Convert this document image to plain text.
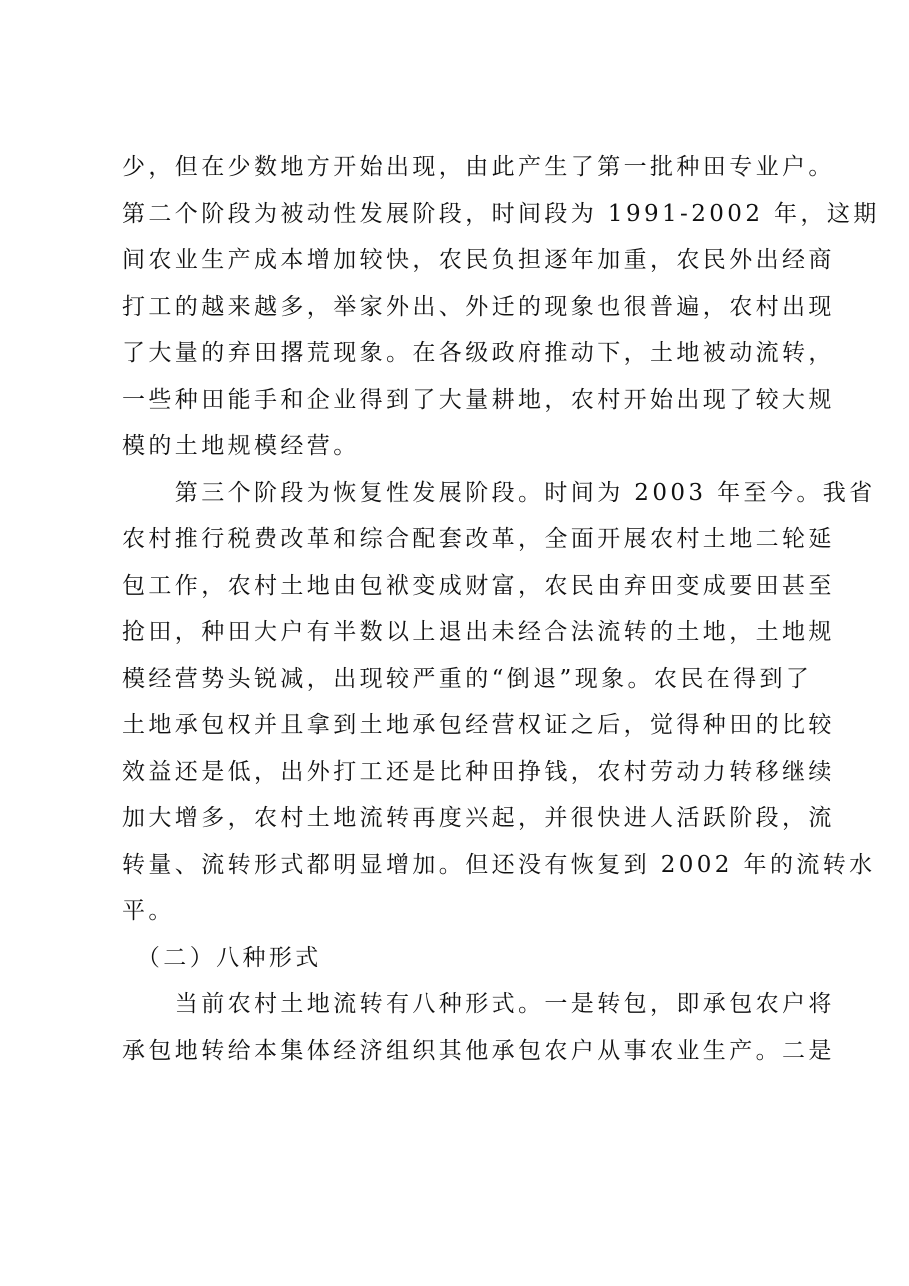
少，但在少数地方开始出现，由此产生了第一批种田专业户。
第二个阶段为被动性发展阶段，时间段为 1991-2002 年，这期
间农业生产成本增加较快，农民负担逐年加重，农民外出经商
打工的越来越多，举家外出、外迁的现象也很普遍，农村出现
了大量的弃田撂荒现象。在各级政府推动下，土地被动流转，
一些种田能手和企业得到了大量耕地，农村开始出现了较大规
模的土地规模经营。
　　第三个阶段为恢复性发展阶段。时间为 2003 年至今。我省
农村推行税费改革和综合配套改革，全面开展农村土地二轮延
包工作，农村土地由包袱变成财富，农民由弃田变成要田甚至
抢田，种田大户有半数以上退出未经合法流转的土地，土地规
模经营势头锐减，出现较严重的“倒退”现象。农民在得到了
土地承包权并且拿到土地承包经营权证之后，觉得种田的比较
效益还是低，出外打工还是比种田挣钱，农村劳动力转移继续
加大增多，农村土地流转再度兴起，并很快进人活跃阶段，流
转量、流转形式都明显增加。但还没有恢复到 2002 年的流转水
平。
　（二）八种形式
　　当前农村土地流转有八种形式。一是转包，即承包农户将
承包地转给本集体经济组织其他承包农户从事农业生产。二是
